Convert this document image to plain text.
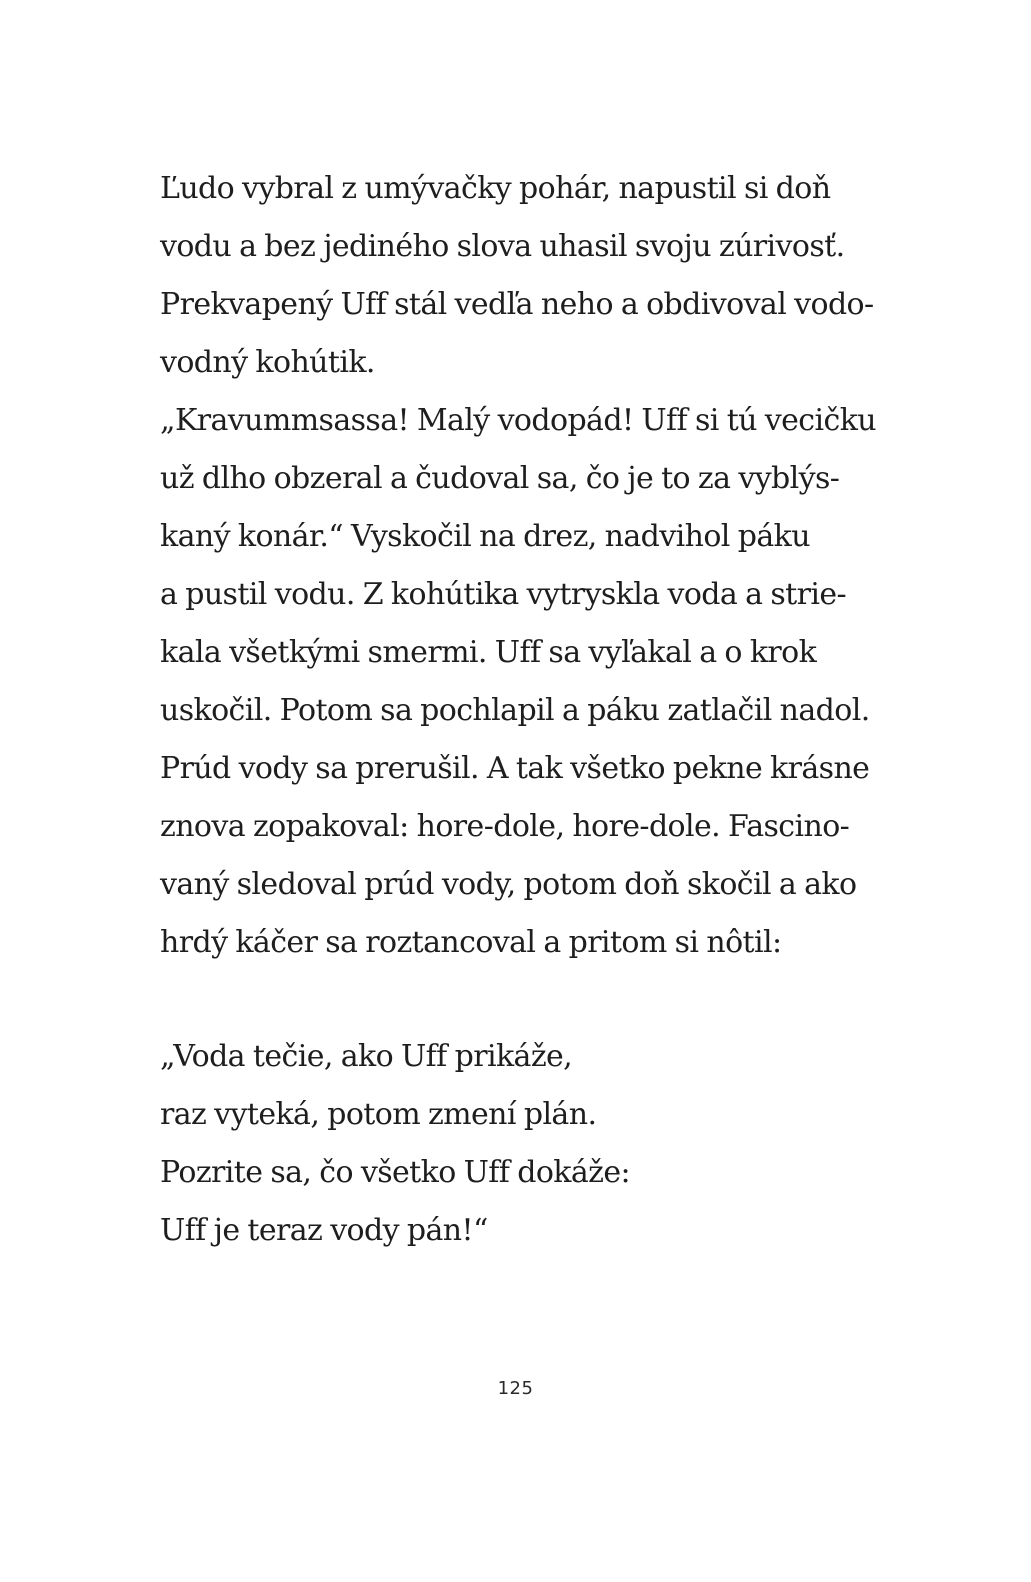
Ľudo vybral z umývačky pohár, napustil si doň
vodu a bez jediného slova uhasil svoju zúrivosť.
Prekvapený Uff stál vedľa neho a obdivoval vodo-
vodný kohútik.
„Kravummsassa! Malý vodopád! Uff si tú vecičku
už dlho obzeral a čudoval sa, čo je to za vyblýs-
kaný konár.“ Vyskočil na drez, nadvihol páku
a pustil vodu. Z kohútika vytryskla voda a strie-
kala všetkými smermi. Uff sa vyľakal a o krok
uskočil. Potom sa pochlapil a páku zatlačil nadol.
Prúd vody sa prerušil. A tak všetko pekne krásne
znova zopakoval: hore-dole, hore-dole. Fascino-
vaný sledoval prúd vody, potom doň skočil a ako
hrdý káčer sa roztancoval a pritom si nôtil:
„Voda tečie, ako Uff prikáže,
raz vyteká, potom zmení plán.
Pozrite sa, čo všetko Uff dokáže:
Uff je teraz vody pán!“
125
